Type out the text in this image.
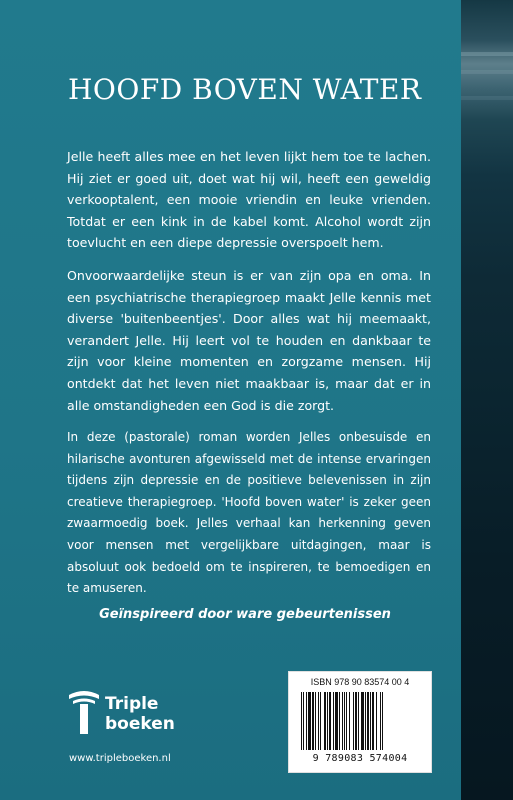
HOOFD BOVEN WATER

Jelle heeft alles mee en het leven lijkt hem toe te lachen. Hij ziet er goed uit, doet wat hij wil, heeft een geweldig verkooptalent, een mooie vriendin en leuke vrienden. Totdat er een kink in de kabel komt. Alcohol wordt zijn toevlucht en een diepe depressie overspoelt hem.

Onvoorwaardelijke steun is er van zijn opa en oma. In een psychiatrische therapiegroep maakt Jelle kennis met diverse 'buitenbeentjes'. Door alles wat hij meemaakt, verandert Jelle. Hij leert vol te houden en dankbaar te zijn voor kleine momenten en zorgzame mensen. Hij ontdekt dat het leven niet maakbaar is, maar dat er in alle omstandigheden een God is die zorgt.

In deze (pastorale) roman worden Jelles onbesuisde en hilarische avonturen afgewisseld met de intense ervaringen tijdens zijn depressie en de positieve belevenissen in zijn creatieve therapiegroep. 'Hoofd boven water' is zeker geen zwaarmoedig boek. Jelles verhaal kan herkenning geven voor mensen met vergelijkbare uitdagingen, maar is absoluut ook bedoeld om te inspireren, te bemoedigen en te amuseren.

Geïnspireerd door ware gebeurtenissen
Triple
boeken
www.tripleboeken.nl
ISBN 978 90 83574 00 4
9 789083 574004
